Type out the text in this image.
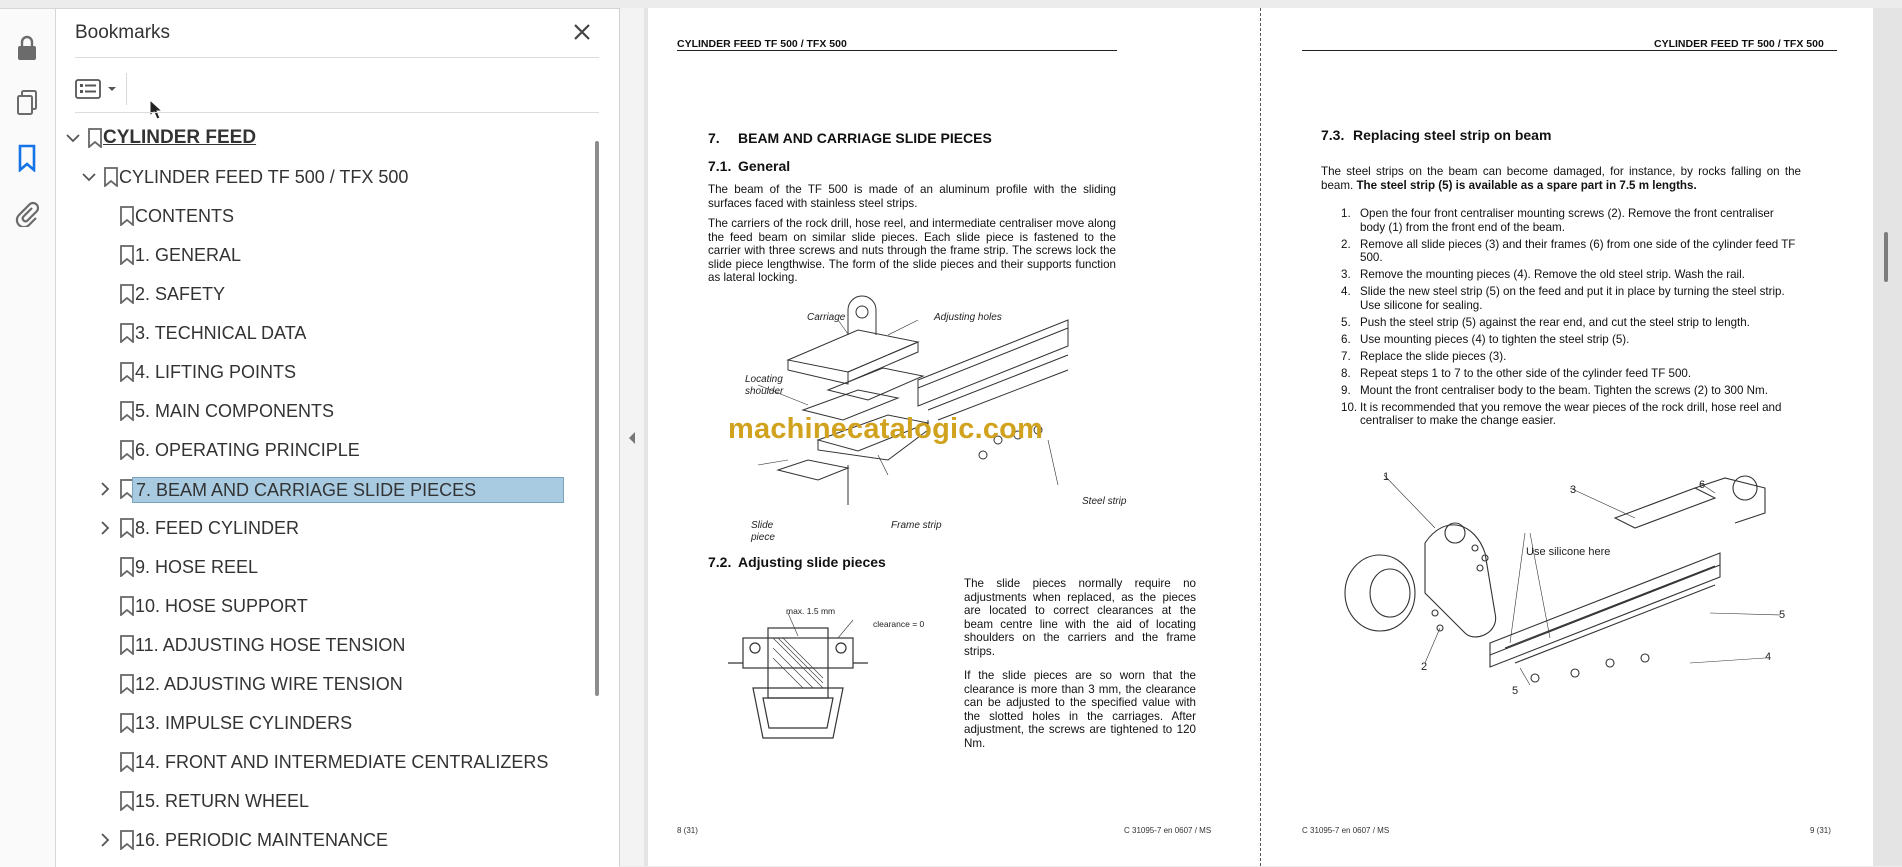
Bookmarks
CYLINDER FEED
CYLINDER FEED TF 500 / TFX 500
CONTENTS
1. GENERAL
2. SAFETY
3. TECHNICAL DATA
4. LIFTING POINTS
5. MAIN COMPONENTS
6. OPERATING PRINCIPLE
7. BEAM AND CARRIAGE SLIDE PIECES
8. FEED CYLINDER
9. HOSE REEL
10. HOSE SUPPORT
11. ADJUSTING HOSE TENSION
12. ADJUSTING WIRE TENSION
13. IMPULSE CYLINDERS
14. FRONT AND INTERMEDIATE CENTRALIZERS
15. RETURN WHEEL
16. PERIODIC MAINTENANCE
CYLINDER FEED TF 500 / TFX 500
7. BEAM AND CARRIAGE SLIDE PIECES
7.1. General
The beam of the TF 500 is made of an aluminum profile with the sliding surfaces faced with stainless steel strips.
The carriers of the rock drill, hose reel, and intermediate centraliser move along the feed beam on similar slide pieces. Each slide piece is fastened to the carrier with three screws and nuts through the frame strip. The screws lock the slide piece lengthwise. The form of the slide pieces and their supports function as lateral locking.
Carriage	Adjusting holes
Locating
shoulder
Slide
piece
Frame strip
Steel strip
machinecatalogic.com
7.2. Adjusting slide pieces
max. 1.5 mm
clearance = 0
The slide pieces normally require no adjustments when replaced, as the pieces are located to correct clearances at the beam centre line with the aid of locating shoulders on the carriers and the frame strips.
If the slide pieces are so worn that the clearance is more than 3 mm, the clearance can be adjusted to the specified value with the slotted holes in the carriages. After adjustment, the screws are tightened to 120 Nm.
8 (31)	C 31095-7 en 0607 / MS
CYLINDER FEED TF 500 / TFX 500
7.3. Replacing steel strip on beam
The steel strips on the beam can become damaged, for instance, by rocks falling on the beam. The steel strip (5) is available as a spare part in 7.5 m lengths.
1. Open the four front centraliser mounting screws (2). Remove the front centraliser body (1) from the front end of the beam.
2. Remove all slide pieces (3) and their frames (6) from one side of the cylinder feed TF 500.
3. Remove the mounting pieces (4). Remove the old steel strip. Wash the rail.
4. Slide the new steel strip (5) on the feed and put it in place by turning the steel strip. Use silicone for sealing.
5. Push the steel strip (5) against the rear end, and cut the steel strip to length.
6. Use mounting pieces (4) to tighten the steel strip (5).
7. Replace the slide pieces (3).
8. Repeat steps 1 to 7 to the other side of the cylinder feed TF 500.
9. Mount the front centraliser body to the beam. Tighten the screws (2) to 300 Nm.
10. It is recommended that you remove the wear pieces of the rock drill, hose reel and centraliser to make the change easier.
1
3	6
Use silicone here
5
4
2
5
C 31095-7 en 0607 / MS	9 (31)
